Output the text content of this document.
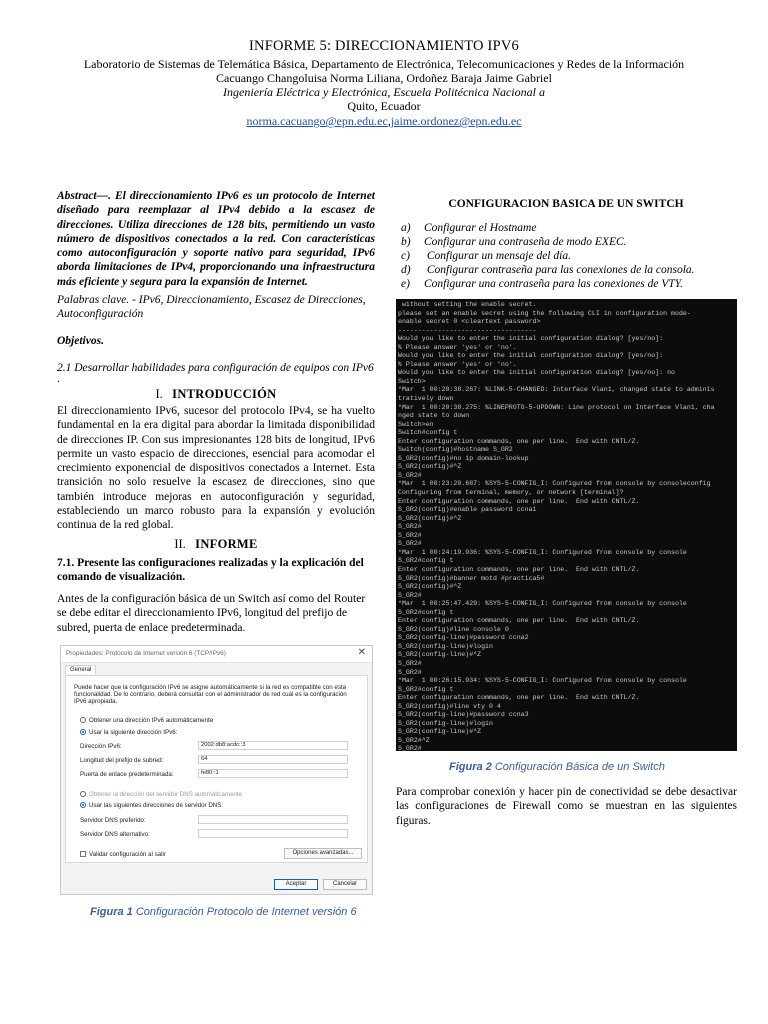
INFORME 5: DIRECCIONAMIENTO IPV6
Laboratorio de Sistemas de Telemática Básica, Departamento de Electrónica, Telecomunicaciones y Redes de la Información
Cacuango Changoluisa Norma Liliana, Ordoñez Baraja Jaime Gabriel
Ingeniería Eléctrica y Electrónica, Escuela Politécnica Nacional a
Quito, Ecuador
norma.cacuango@epn.edu.ec,jaime.ordonez@epn.edu.ec
Abstract—. El direccionamiento IPv6 es un protocolo de Internet diseñado para reemplazar al IPv4 debido a la escasez de direcciones. Utiliza direcciones de 128 bits, permitiendo un vasto número de dispositivos conectados a la red. Con características como autoconfiguración y soporte nativo para seguridad, IPv6 aborda limitaciones de IPv4, proporcionando una infraestructura más eficiente y segura para la expansión de Internet.
Palabras clave. - IPv6, Direccionamiento, Escasez de Direcciones, Autoconfiguración
Objetivos.
2.1 Desarrollar habilidades para configuración de equipos con IPv6
.
I. INTRODUCCIÓN
El direccionamiento IPv6, sucesor del protocolo IPv4, se ha vuelto fundamental en la era digital para abordar la limitada disponibilidad de direcciones IP. Con sus impresionantes 128 bits de longitud, IPv6 permite un vasto espacio de direcciones, esencial para acomodar el crecimiento exponencial de dispositivos conectados a Internet. Esta transición no solo resuelve la escasez de direcciones, sino que también introduce mejoras en autoconfiguración y seguridad, estableciendo un marco robusto para la expansión y evolución continua de la red global.
II. INFORME
7.1. Presente las configuraciones realizadas y la explicación del comando de visualización.
Antes de la configuración básica de un Switch así como del Router se debe editar el direccionamiento IPv6, longitud del prefijo de subred, puerta de enlace predeterminada.
Propiedades: Protocolo de Internet versión 6 (TCP/IPv6)	✕
General
Puede hacer que la configuración IPv6 se asigne automáticamente si la red es compatible con esta funcionalidad. De lo contrario, deberá consultar con el administrador de red cuál es la configuración IPv6 apropiada.
Obtener una dirección IPv6 automáticamente
Usar la siguiente dirección IPv6:
Dirección IPv6:	2002:db8:acdc::3
Longitud del prefijo de subred:	64
Puerta de enlace predeterminada:	fe80::1
Obtener la dirección del servidor DNS automáticamente
Usar las siguientes direcciones de servidor DNS:
Servidor DNS preferido:
Servidor DNS alternativo:
Validar configuración al salir	Opciones avanzadas...
Aceptar	Cancelar
Figura 1 Configuración Protocolo de Internet versión 6
CONFIGURACION BASICA DE UN SWITCH
a) Configurar el Hostname
b) Configurar una contraseña de modo EXEC.
c) Configurar un mensaje del día.
d) Configurar contraseña para las conexiones de la consola.
e) Configurar una contraseña para las conexiones de VTY.
without setting the enable secret.
please set an enable secret using the following CLI in configuration mode-
enable secret 0 <cleartext password>
-----------------------------------
Would you like to enter the initial configuration dialog? [yes/no]:
% Please answer 'yes' or 'no'.
Would you like to enter the initial configuration dialog? [yes/no]:
% Please answer 'yes' or 'no'.
Would you like to enter the initial configuration dialog? [yes/no]: no
Switch>
*Mar  1 00:20:38.267: %LINK-5-CHANGED: Interface Vlan1, changed state to adminis
tratively down
*Mar  1 00:20:38.275: %LINEPROTO-5-UPDOWN: Line protocol on Interface Vlan1, cha
nged state to down
Switch>en
Switch#config t
Enter configuration commands, one per line.  End with CNTL/Z.
Switch(config)#hostname S_GR2
S_GR2(config)#no ip domain-lookup
S_GR2(config)#^Z
S_GR2#
*Mar  1 00:23:20.687: %SYS-5-CONFIG_I: Configured from console by consoleconfig
Configuring from terminal, memory, or network [terminal]?
Enter configuration commands, one per line.  End with CNTL/Z.
S_GR2(config)#enable password ccna1
S_GR2(config)#^Z
S_GR2#
S_GR2#
S_GR2#
*Mar  1 00:24:19.936: %SYS-5-CONFIG_I: Configured from console by console
S_GR2#config t
Enter configuration commands, one per line.  End with CNTL/Z.
S_GR2(config)#banner motd #practica5#
S_GR2(config)#^Z
S_GR2#
*Mar  1 00:25:47.429: %SYS-5-CONFIG_I: Configured from console by console
S_GR2#config t
Enter configuration commands, one per line.  End with CNTL/Z.
S_GR2(config)#line console 0
S_GR2(config-line)#password ccna2
S_GR2(config-line)#login
S_GR2(config-line)#^Z
S_GR2#
S_GR2#
*Mar  1 00:26:15.934: %SYS-5-CONFIG_I: Configured from console by console
S_GR2#config t
Enter configuration commands, one per line.  End with CNTL/Z.
S_GR2(config)#line vty 0 4
S_GR2(config-line)#password ccna3
S_GR2(config-line)#login
S_GR2(config-line)#^Z
S_GR2#^Z
S_GR2#
Figura 2 Configuración Básica de un Switch
Para comprobar conexión y hacer pin de conectividad se debe desactivar las configuraciones de Firewall como se muestran en las siguientes figuras.
